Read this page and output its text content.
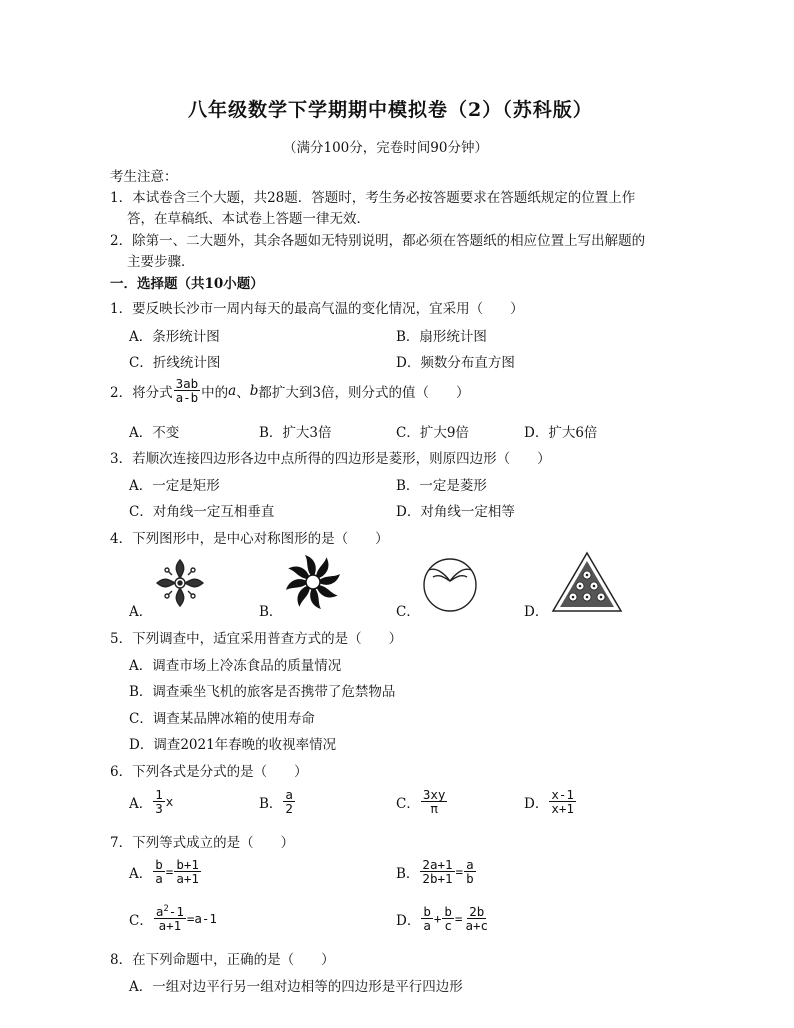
八年级数学下学期期中模拟卷（2）（苏科版）
（满分100分，完卷时间90分钟）
考生注意：
1．本试卷含三个大题，共28题．答题时，考生务必按答题要求在答题纸规定的位置上作
答，在草稿纸、本试卷上答题一律无效．
2．除第一、二大题外，其余各题如无特别说明，都必须在答题纸的相应位置上写出解题的
主要步骤．
一．选择题（共10小题）
1．要反映长沙市一周内每天的最高气温的变化情况，宜采用（　　）
A．条形统计图	B．扇形统计图
C．折线统计图	D．频数分布直方图
2．将分式 $\frac{3ab}{a-b}$ 中的 a 、 b 都扩大到3倍，则分式的值（　　）
A．不变	B．扩大3倍	C．扩大9倍	D．扩大6倍
3．若顺次连接四边形各边中点所得的四边形是菱形，则原四边形（　　）
A．一定是矩形	B．一定是菱形
C．对角线一定互相垂直	D．对角线一定相等
4．下列图形中，是中心对称图形的是（　　）
A．	B．	C．	D．
5．下列调查中，适宜采用普查方式的是（　　）
A．调查市场上冷冻食品的质量情况
B．调查乘坐飞机的旅客是否携带了危禁物品
C．调查某品牌冰箱的使用寿命
D．调查2021年春晚的收视率情况
6．下列各式是分式的是（　　）
A． $\frac{1}{3}$ x	B． $\frac{a}{2}$	C． $\frac{3xy}{\pi}$	D． $\frac{x-1}{x+1}$
7．下列等式成立的是（　　）
A． $\frac{b}{a} = \frac{b+1}{a+1}$	B． $\frac{2a+1}{2b+1} = \frac{a}{b}$
C． $\frac{a^2-1}{a+1} =a-1$	D． $\frac{b}{a} + \frac{b}{c} = \frac{2b}{a+c}$
8．在下列命题中，正确的是（　　）
A．一组对边平行另一组对边相等的四边形是平行四边形
